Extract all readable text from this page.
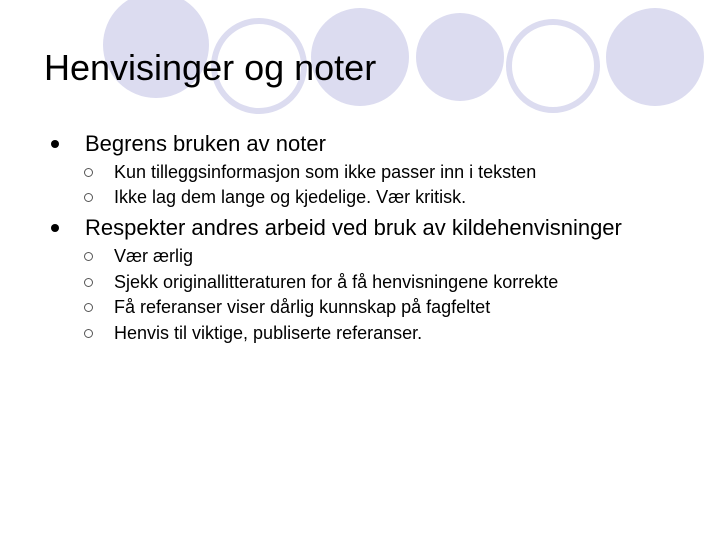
Henvisinger og noter
Begrens bruken av noter
Kun tilleggsinformasjon som ikke passer inn i teksten
Ikke lag dem lange og kjedelige. Vær kritisk.
Respekter andres arbeid ved bruk av kildehenvisninger
Vær ærlig
Sjekk originallitteraturen for å få henvisningene korrekte
Få referanser viser dårlig kunnskap på fagfeltet
Henvis til viktige, publiserte referanser.
